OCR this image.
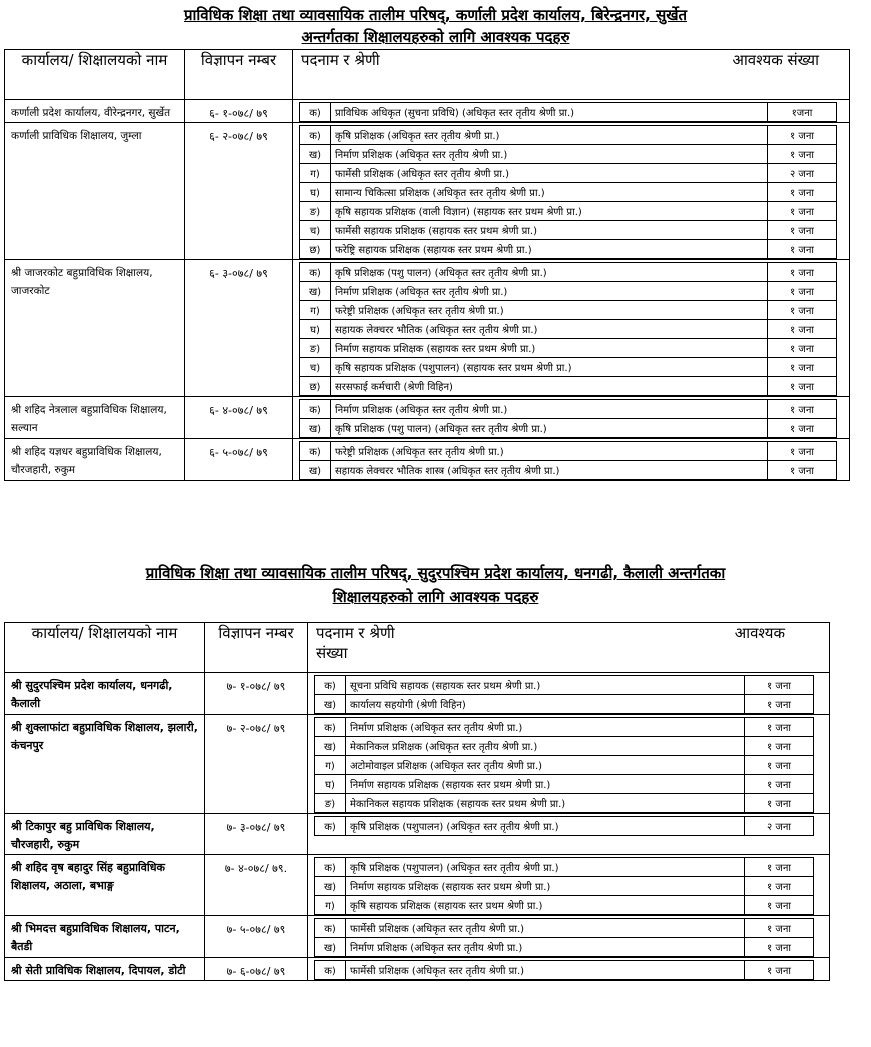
प्राविधिक शिक्षा तथा व्यावसायिक तालीम परिषद्, कर्णाली प्रदेश कार्यालय, बिरेन्द्रनगर, सुर्खेत
अन्तर्गतका शिक्षालयहरुको लागि आवश्यक पदहरु
कार्यालय/ शिक्षालयको नाम	विज्ञापन नम्बर	पदनाम र श्रेणी	आवश्यक संख्या

कर्णाली प्रदेश कार्यालय, वीरेन्द्रनगर, सुर्खेत	६- १-०७८/ ७९		क)	प्राविधिक अधिकृत (सुचना प्रविधि) (अधिकृत स्तर तृतीय श्रेणी प्रा.)	१जना

कर्णाली प्राविधिक शिक्षालय, जुम्ला	६- २-०७८/ ७९		क)	कृषि प्रशिक्षक (अधिकृत स्तर तृतीय श्रेणी प्रा.)	१ जना
ख)	निर्माण प्रशिक्षक (अधिकृत स्तर तृतीय श्रेणी प्रा.)	१ जना
ग)	फार्मेसी प्रशिक्षक (अधिकृत स्तर तृतीय श्रेणी प्रा.)	२ जना
घ)	सामान्य चिकित्सा प्रशिक्षक (अधिकृत स्तर तृतीय श्रेणी प्रा.)	१ जना
ङ)	कृषि सहायक प्रशिक्षक (वाली विज्ञान) (सहायक स्तर प्रथम श्रेणी प्रा.)	१ जना
च)	फार्मेसी सहायक प्रशिक्षक (सहायक स्तर प्रथम श्रेणी प्रा.)	१ जना
छ)	फरेष्ट्रि सहायक प्रशिक्षक (सहायक स्तर प्रथम श्रेणी प्रा.)	१ जना

श्री जाजरकोट बहुप्राविधिक शिक्षालय, जाजरकोट	६- ३-०७८/ ७९		क)	कृषि प्रशिक्षक (पशु पालन) (अधिकृत स्तर तृतीय श्रेणी प्रा.)	१ जना
ख)	निर्माण प्रशिक्षक (अधिकृत स्तर तृतीय श्रेणी प्रा.)	१ जना
ग)	फरेष्ट्री प्रशिक्षक (अधिकृत स्तर तृतीय श्रेणी प्रा.)	१ जना
घ)	सहायक लेक्चरर भौतिक (अधिकृत स्तर तृतीय श्रेणी प्रा.)	१ जना
ङ)	निर्माण सहायक प्रशिक्षक (सहायक स्तर प्रथम श्रेणी प्रा.)	१ जना
च)	कृषि सहायक प्रशिक्षक (पशुपालन) (सहायक स्तर प्रथम श्रेणी प्रा.)	१ जना
छ)	सरसफाई कर्मचारी (श्रेणी विहिन)	१ जना

श्री शहिद नेत्रलाल बहुप्राविधिक शिक्षालय, सल्यान	६- ४-०७८/ ७९		क)	निर्माण प्रशिक्षक (अधिकृत स्तर तृतीय श्रेणी प्रा.)	१ जना
ख)	कृषि प्रशिक्षक (पशु पालन) (अधिकृत स्तर तृतीय श्रेणी प्रा.)	१ जना

श्री शहिद यज्ञधर बहुप्राविधिक शिक्षालय, चौरजहारी, रुकुम	६- ५-०७८/ ७९		क)	फरेष्ट्री प्रशिक्षक (अधिकृत स्तर तृतीय श्रेणी प्रा.)	१ जना
ख)	सहायक लेक्चरर भौतिक शास्त्र (अधिकृत स्तर तृतीय श्रेणी प्रा.)	१ जना
प्राविधिक शिक्षा तथा व्यावसायिक तालीम परिषद्, सुदुरपश्चिम प्रदेश कार्यालय, धनगढी, कैलाली अन्तर्गतका
शिक्षालयहरुको लागि आवश्यक पदहरु
कार्यालय/ शिक्षालयको नाम	विज्ञापन नम्बर	पदनाम र श्रेणी	आवश्यक
संख्या

श्री सुदुरपश्चिम प्रदेश कार्यालय, धनगढी, कैलाली	७- १-०७८/ ७९		क)	सूचना प्रविधि सहायक (सहायक स्तर प्रथम श्रेणी प्रा.)	१ जना
ख)	कार्यालय सहयोगी (श्रेणी विहिन)	१ जना

श्री शुक्लाफांटा बहुप्राविधिक शिक्षालय, झलारी, कंचनपुर	७- २-०७८/ ७९		क)	निर्माण प्रशिक्षक (अधिकृत स्तर तृतीय श्रेणी प्रा.)	१ जना
ख)	मेकानिकल प्रशिक्षक (अधिकृत स्तर तृतीय श्रेणी प्रा.)	१ जना
ग)	अटोमोवाइल प्रशिक्षक (अधिकृत स्तर तृतीय श्रेणी प्रा.)	१ जना
घ)	निर्माण सहायक प्रशिक्षक (सहायक स्तर प्रथम श्रेणी प्रा.)	१ जना
ङ)	मेकानिकल सहायक प्रशिक्षक (सहायक स्तर प्रथम श्रेणी प्रा.)	१ जना

श्री टिकापुर बहु प्राविधिक शिक्षालय, चौरजहारी, रुकुम	७- ३-०७८/ ७९		क)	कृषि प्रशिक्षक (पशुपालन) (अधिकृत स्तर तृतीय श्रेणी प्रा.)	२ जना

श्री शहिद वृष बहादुर सिंह बहुप्राविधिक शिक्षालय, अठाला, बभाङ्ग	७- ४-०७८/ ७९.		क)	कृषि प्रशिक्षक (पशुपालन) (अधिकृत स्तर तृतीय श्रेणी प्रा.)	१ जना
ख)	निर्माण सहायक प्रशिक्षक (सहायक स्तर प्रथम श्रेणी प्रा.)	१ जना
ग)	कृषि सहायक प्रशिक्षक (सहायक स्तर प्रथम श्रेणी प्रा.)	१ जना

श्री भिमदत्त बहुप्राविधिक शिक्षालय, पाटन, बैतडी	७- ५-०७८/ ७९		क)	फार्मेसी प्रशिक्षक (अधिकृत स्तर तृतीय श्रेणी प्रा.)	१ जना
ख)	निर्माण प्रशिक्षक (अधिकृत स्तर तृतीय श्रेणी प्रा.)	१ जना

श्री सेती प्राविधिक शिक्षालय, दिपायल, डोटी	७- ६-०७८/ ७९		क)	फार्मेसी प्रशिक्षक (अधिकृत स्तर तृतीय श्रेणी प्रा.)	१ जना
